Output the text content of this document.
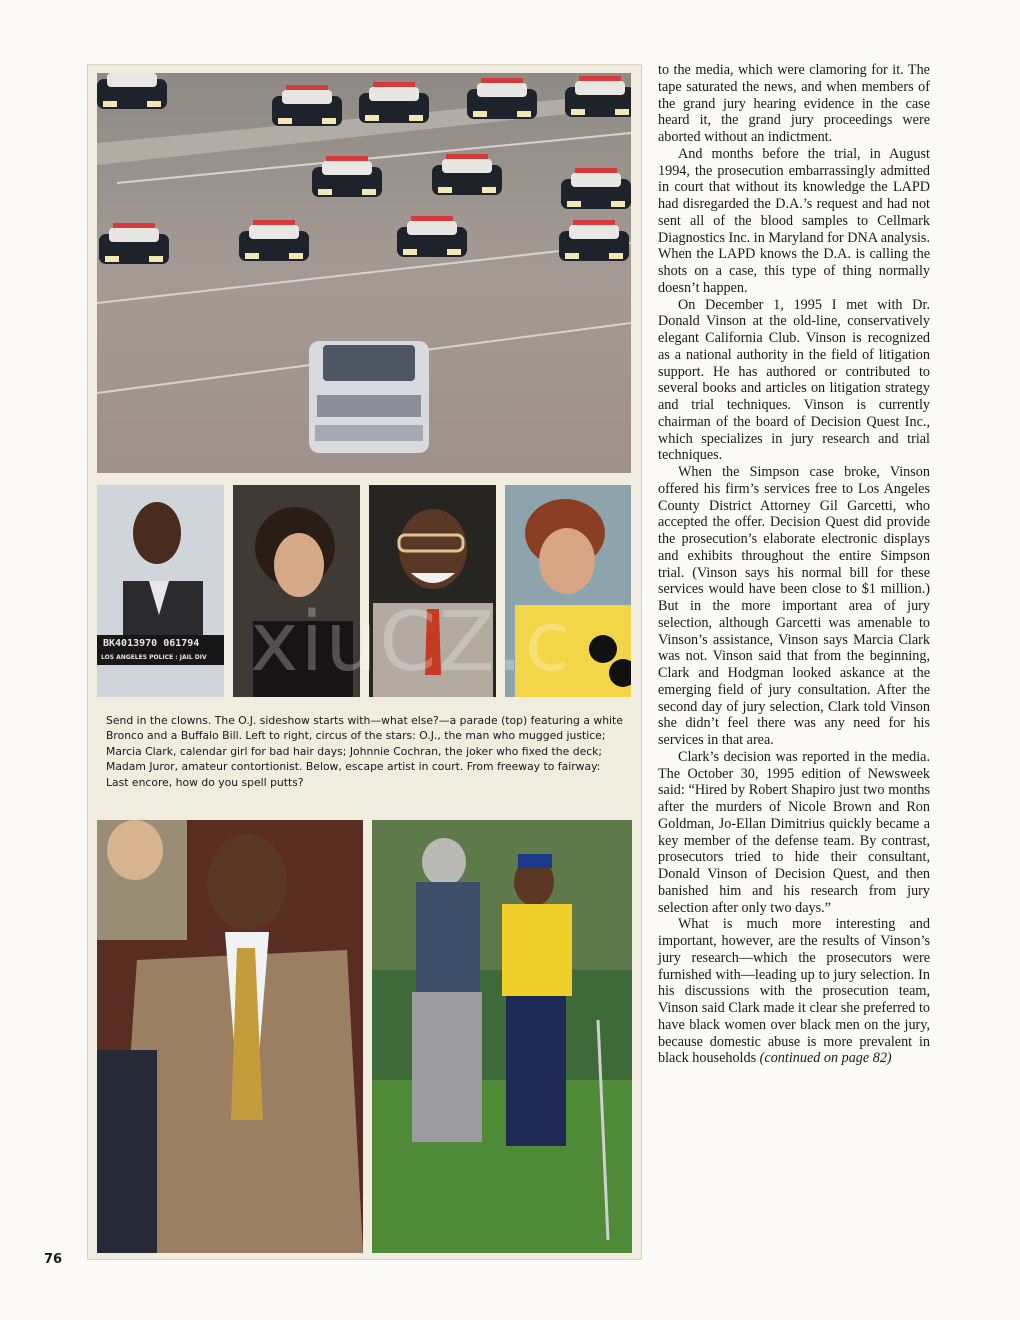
BK4013970 061794
LOS ANGELES POLICE : JAIL DIV

Send in the clowns. The O.J. sideshow starts with—what else?—a parade (top) featuring a white Bronco and a Buffalo Bill. Left to right, circus of the stars: O.J., the man who mugged justice; Marcia Clark, calendar girl for bad hair days; Johnnie Cochran, the joker who fixed the deck; Madam Juror, amateur contortionist. Below, escape artist in court. From freeway to fairway: Last encore, how do you spell putts?

xiuCZ.c
76

to the media, which were clamoring for it. The tape saturated the news, and when members of the grand jury hearing evidence in the case heard it, the grand jury proceedings were aborted without an indictment.

And months before the trial, in August 1994, the prosecution embarrassingly admitted in court that without its knowledge the LAPD had disregarded the D.A.’s request and had not sent all of the blood samples to Cellmark Diagnostics Inc. in Maryland for DNA analysis. When the LAPD knows the D.A. is calling the shots on a case, this type of thing normally doesn’t happen.

On December 1, 1995 I met with Dr. Donald Vinson at the old-line, conservatively elegant California Club. Vinson is recognized as a national authority in the field of litigation support. He has authored or contributed to several books and articles on litigation strategy and trial techniques. Vinson is currently chairman of the board of Decision Quest Inc., which specializes in jury research and trial techniques.

When the Simpson case broke, Vinson offered his firm’s services free to Los Angeles County District Attorney Gil Garcetti, who accepted the offer. Decision Quest did provide the prosecution’s elaborate electronic displays and exhibits throughout the entire Simpson trial. (Vinson says his normal bill for these services would have been close to $1 million.) But in the more important area of jury selection, although Garcetti was amenable to Vinson’s assistance, Vinson says Marcia Clark was not. Vinson said that from the beginning, Clark and Hodgman looked askance at the emerging field of jury consultation. After the second day of jury selection, Clark told Vinson she didn’t feel there was any need for his services in that area.

Clark’s decision was reported in the media. The October 30, 1995 edition of Newsweek said: “Hired by Robert Shapiro just two months after the murders of Nicole Brown and Ron Goldman, Jo-Ellan Dimitrius quickly became a key member of the defense team. By contrast, prosecutors tried to hide their consultant, Donald Vinson of Decision Quest, and then banished him and his research from jury selection after only two days.”

What is much more interesting and important, however, are the results of Vinson’s jury research—which the prosecutors were furnished with—leading up to jury selection. In his discussions with the prosecution team, Vinson said Clark made it clear she preferred to have black women over black men on the jury, because domestic abuse is more prevalent in black households (continued on page 82)
